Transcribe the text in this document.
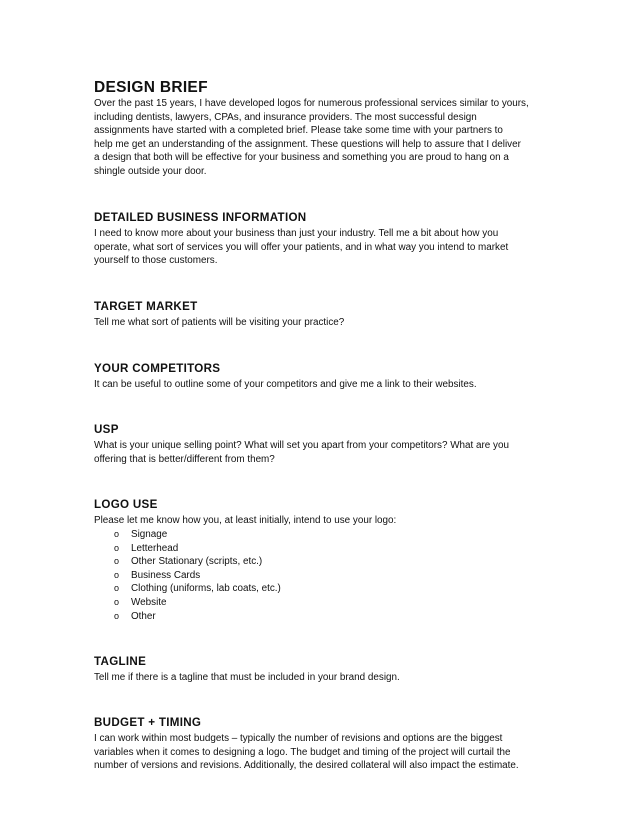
DESIGN BRIEF
Over the past 15 years, I have developed logos for numerous professional services similar to yours,
including dentists, lawyers, CPAs, and insurance providers. The most successful design
assignments have started with a completed brief. Please take some time with your partners to
help me get an understanding of the assignment. These questions will help to assure that I deliver
a design that both will be effective for your business and something you are proud to hang on a
shingle outside your door.
DETAILED BUSINESS INFORMATION
I need to know more about your business than just your industry. Tell me a bit about how you
operate, what sort of services you will offer your patients, and in what way you intend to market
yourself to those customers.
TARGET MARKET
Tell me what sort of patients will be visiting your practice?
YOUR COMPETITORS
It can be useful to outline some of your competitors and give me a link to their websites.
USP
What is your unique selling point? What will set you apart from your competitors? What are you
offering that is better/different from them?
LOGO USE
Please let me know how you, at least initially, intend to use your logo:
o Signage
o Letterhead
o Other Stationary (scripts, etc.)
o Business Cards
o Clothing (uniforms, lab coats, etc.)
o Website
o Other
TAGLINE
Tell me if there is a tagline that must be included in your brand design.
BUDGET + TIMING
I can work within most budgets – typically the number of revisions and options are the biggest
variables when it comes to designing a logo. The budget and timing of the project will curtail the
number of versions and revisions. Additionally, the desired collateral will also impact the estimate.
